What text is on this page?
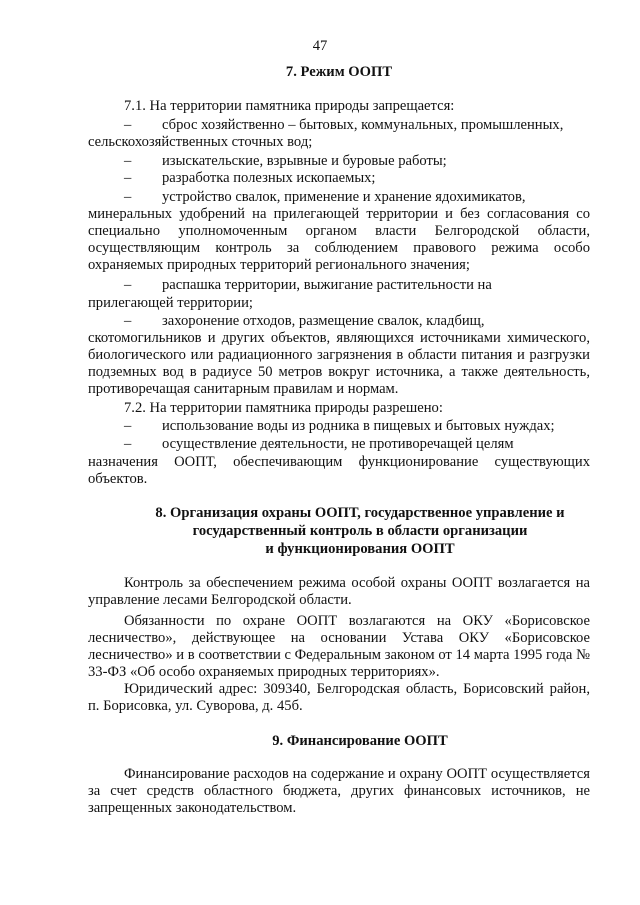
47

7. Режим ООПТ

7.1. На территории памятника природы запрещается:

– сброс хозяйственно – бытовых, коммунальных, промышленных,

сельскохозяйственных сточных вод;

– изыскательские, взрывные и буровые работы;
– разработка полезных ископаемых;
– устройство свалок, применение и хранение ядохимикатов,

минеральных удобрений на прилегающей территории и без согласования со специально уполномоченным органом власти Белгородской области, осуществляющим контроль за соблюдением правового режима особо охраняемых природных территорий регионального значения;

– распашка территории, выжигание растительности на

прилегающей территории;

– захоронение отходов, размещение свалок, кладбищ,

скотомогильников и других объектов, являющихся источниками химического, биологического или радиационного загрязнения в области питания и разгрузки подземных вод в радиусе 50 метров вокруг источника, а также деятельность, противоречащая санитарным правилам и нормам.

7.2. На территории памятника природы разрешено:

– использование воды из родника в пищевых и бытовых нуждах;
– осуществление деятельности, не противоречащей целям

назначения ООПТ, обеспечивающим функционирование существующих объектов.

8. Организация охраны ООПТ, государственное управление и

государственный контроль в области организации

и функционирования ООПТ

Контроль за обеспечением режима особой охраны ООПТ возлагается на управление лесами Белгородской области.

Обязанности по охране ООПТ возлагаются на ОКУ «Борисовское лесничество», действующее на основании Устава ОКУ «Борисовское лесничество» и в соответствии с Федеральным законом от 14 марта 1995 года № 33-ФЗ «Об особо охраняемых природных территориях».

Юридический адрес: 309340, Белгородская область, Борисовский район, п. Борисовка, ул. Суворова, д. 45б.

9. Финансирование ООПТ

Финансирование расходов на содержание и охрану ООПТ осуществляется за счет средств областного бюджета, других финансовых источников, не запрещенных законодательством.
